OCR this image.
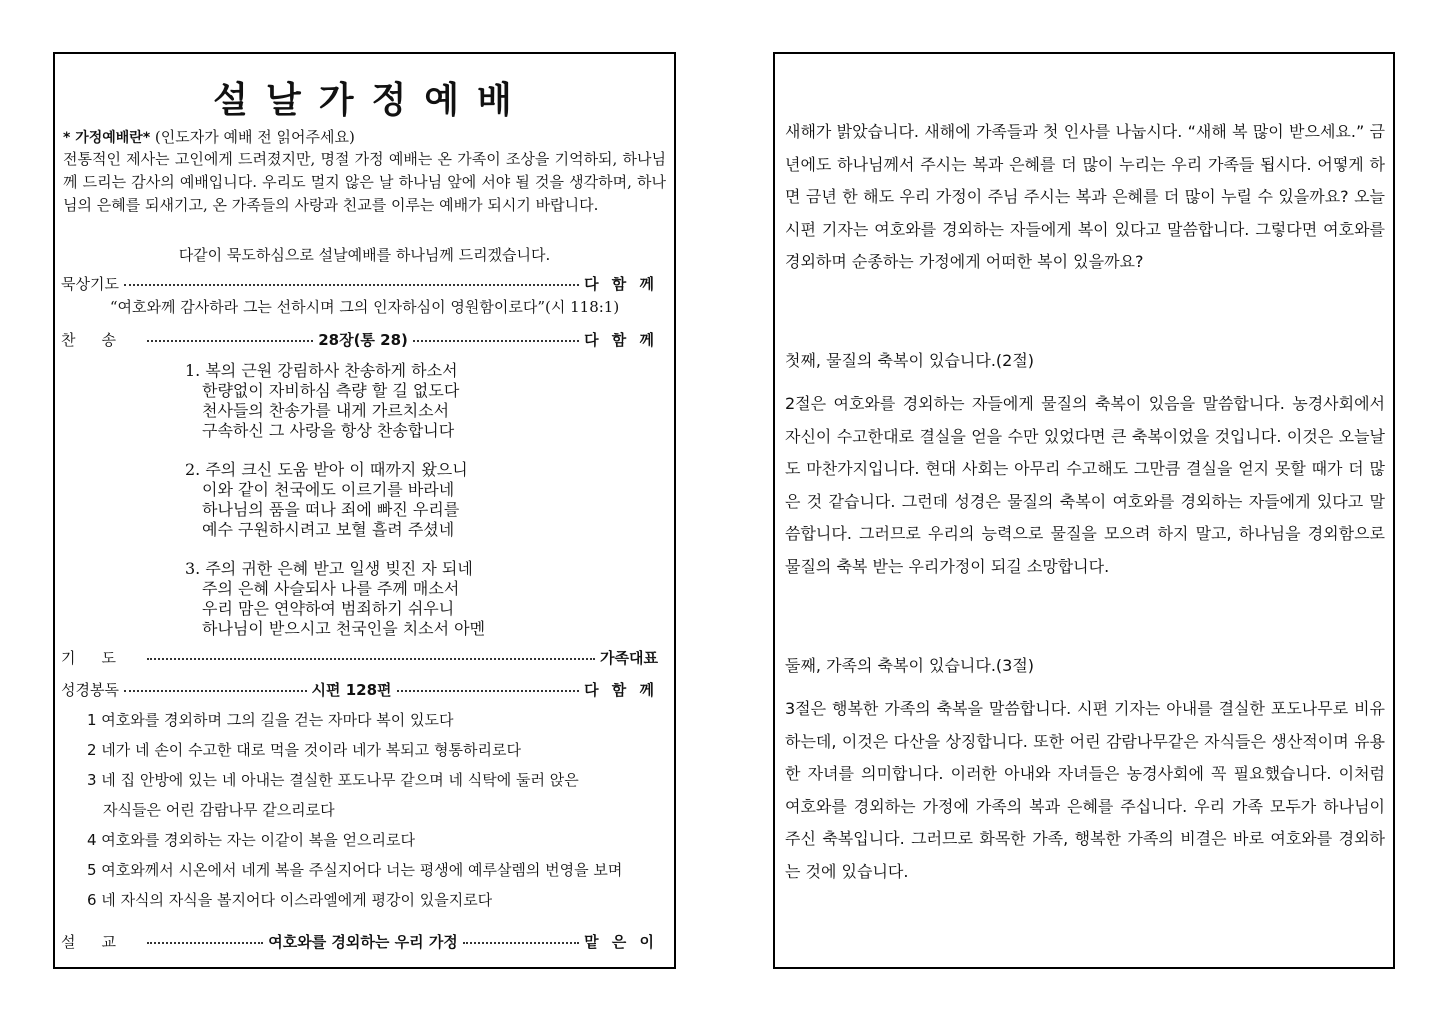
설날가정예배
* 가정예배란* (인도자가 예배 전 읽어주세요)
전통적인 제사는 고인에게 드려졌지만, 명절 가정 예배는 온 가족이 조상을 기억하되, 하나님께 드리는 감사의 예배입니다. 우리도 멀지 않은 날 하나님 앞에 서야 될 것을 생각하며, 하나님의 은혜를 되새기고, 온 가족들의 사랑과 친교를 이루는 예배가 되시기 바랍니다.
다같이 묵도하심으로 설날예배를 하나님께 드리겠습니다.
묵상기도	다 함 께
“여호와께 감사하라 그는 선하시며 그의 인자하심이 영원함이로다”(시 118:1)
찬송	28장(통 28)	다 함 께
1. 복의 근원 강림하사 찬송하게 하소서
한량없이 자비하심 측량 할 길 없도다
천사들의 찬송가를 내게 가르치소서
구속하신 그 사랑을 항상 찬송합니다
2. 주의 크신 도움 받아 이 때까지 왔으니
이와 같이 천국에도 이르기를 바라네
하나님의 품을 떠나 죄에 빠진 우리를
예수 구원하시려고 보혈 흘려 주셨네
3. 주의 귀한 은혜 받고 일생 빚진 자 되네
주의 은혜 사슬되사 나를 주께 매소서
우리 맘은 연약하여 범죄하기 쉬우니
하나님이 받으시고 천국인을 치소서 아멘
기도	가족대표
성경봉독	시편 128편	다 함 께
1 여호와를 경외하며 그의 길을 걷는 자마다 복이 있도다
2 네가 네 손이 수고한 대로 먹을 것이라 네가 복되고 형통하리로다
3 네 집 안방에 있는 네 아내는 결실한 포도나무 같으며 네 식탁에 둘러 앉은
자식들은 어린 감람나무 같으리로다
4 여호와를 경외하는 자는 이같이 복을 얻으리로다
5 여호와께서 시온에서 네게 복을 주실지어다 너는 평생에 예루살렘의 번영을 보며
6 네 자식의 자식을 볼지어다 이스라엘에게 평강이 있을지로다
설교	여호와를 경외하는 우리 가정	맡 은 이
새해가 밝았습니다. 새해에 가족들과 첫 인사를 나눕시다. “새해 복 많이 받으세요.” 금년에도 하나님께서 주시는 복과 은혜를 더 많이 누리는 우리 가족들 됩시다. 어떻게 하면 금년 한 해도 우리 가정이 주님 주시는 복과 은혜를 더 많이 누릴 수 있을까요? 오늘 시편 기자는 여호와를 경외하는 자들에게 복이 있다고 말씀합니다. 그렇다면 여호와를 경외하며 순종하는 가정에게 어떠한 복이 있을까요?
첫째, 물질의 축복이 있습니다.(2절)
2절은 여호와를 경외하는 자들에게 물질의 축복이 있음을 말씀합니다. 농경사회에서 자신이 수고한대로 결실을 얻을 수만 있었다면 큰 축복이었을 것입니다. 이것은 오늘날도 마찬가지입니다. 현대 사회는 아무리 수고해도 그만큼 결실을 얻지 못할 때가 더 많은 것 같습니다. 그런데 성경은 물질의 축복이 여호와를 경외하는 자들에게 있다고 말씀합니다. 그러므로 우리의 능력으로 물질을 모으려 하지 말고, 하나님을 경외함으로 물질의 축복 받는 우리가정이 되길 소망합니다.
둘째, 가족의 축복이 있습니다.(3절)
3절은 행복한 가족의 축복을 말씀합니다. 시편 기자는 아내를 결실한 포도나무로 비유하는데, 이것은 다산을 상징합니다. 또한 어린 감람나무같은 자식들은 생산적이며 유용한 자녀를 의미합니다. 이러한 아내와 자녀들은 농경사회에 꼭 필요했습니다. 이처럼 여호와를 경외하는 가정에 가족의 복과 은혜를 주십니다. 우리 가족 모두가 하나님이 주신 축복입니다. 그러므로 화목한 가족, 행복한 가족의 비결은 바로 여호와를 경외하는 것에 있습니다.
